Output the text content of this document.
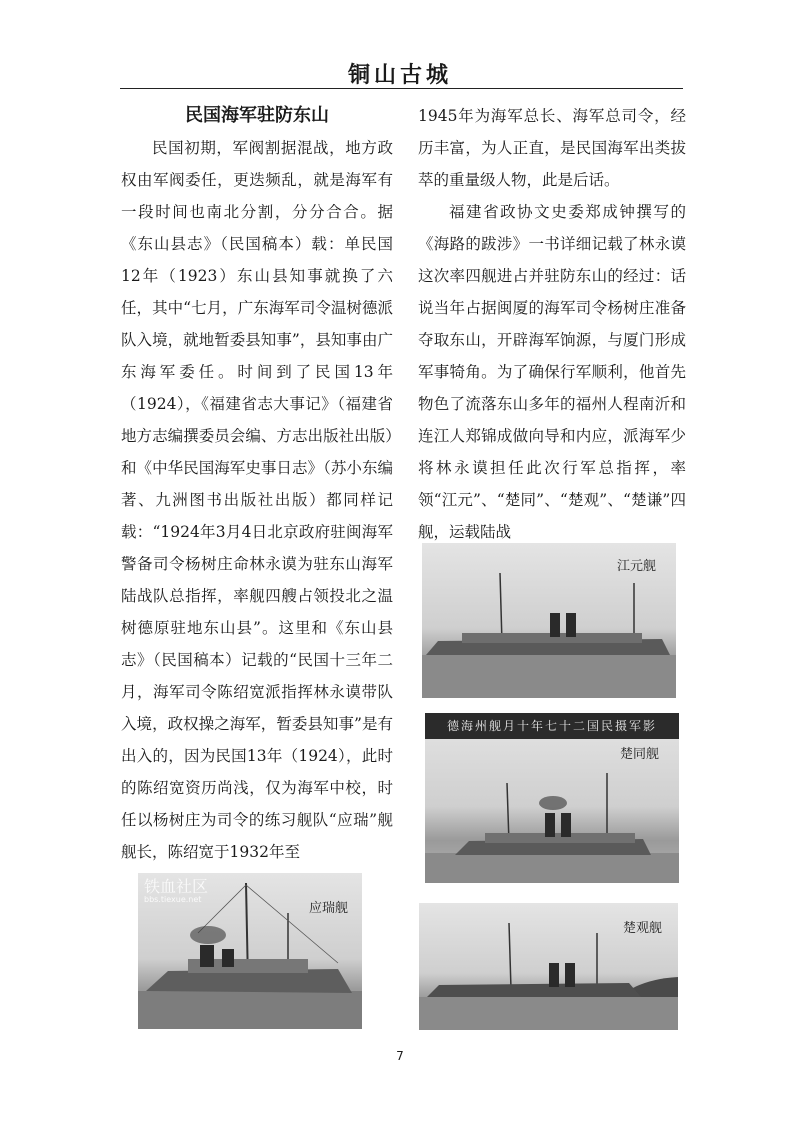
铜山古城
民国海军驻防东山

民国初期，军阀割据混战，地方政权由军阀委任，更迭频乱，就是海军有一段时间也南北分割，分分合合。据《东山县志》（民国稿本）载：单民国12年（1923）东山县知事就换了六任，其中“七月，广东海军司令温树德派队入境，就地暂委县知事”，县知事由广东海军委任。时间到了民国13年（1924），《福建省志大事记》（福建省地方志编撰委员会编、方志出版社出版）和《中华民国海军史事日志》（苏小东编著、九洲图书出版社出版）都同样记载：“1924年3月4日北京政府驻闽海军警备司令杨树庄命林永谟为驻东山海军陆战队总指挥，率舰四艘占领投北之温树德原驻地东山县”。这里和《东山县志》（民国稿本）记载的“民国十三年二月，海军司令陈绍宽派指挥林永谟带队入境，政权操之海军，暂委县知事”是有出入的，因为民国13年（1924），此时的陈绍宽资历尚浅，仅为海军中校，时任以杨树庄为司令的练习舰队“应瑞”舰舰长，陈绍宽于1932年至

1945年为海军总长、海军总司令，经历丰富，为人正直，是民国海军出类拔萃的重量级人物，此是后话。

福建省政协文史委郑成钟撰写的《海路的跋涉》一书详细记载了林永谟这次率四舰进占并驻防东山的经过：话说当年占据闽厦的海军司令杨树庄准备夺取东山，开辟海军饷源，与厦门形成军事犄角。为了确保行军顺利，他首先物色了流落东山多年的福州人程南沂和连江人郑锦成做向导和内应，派海军少将林永谟担任此次行军总指挥，率领“江元”、“楚同”、“楚观”、“楚谦”四舰，运载陆战

铁血社区
bbs.tiexue.net
应瑞舰
江元舰
德海州舰月十年七十二国民摄军影
楚同舰
楚观舰
7
